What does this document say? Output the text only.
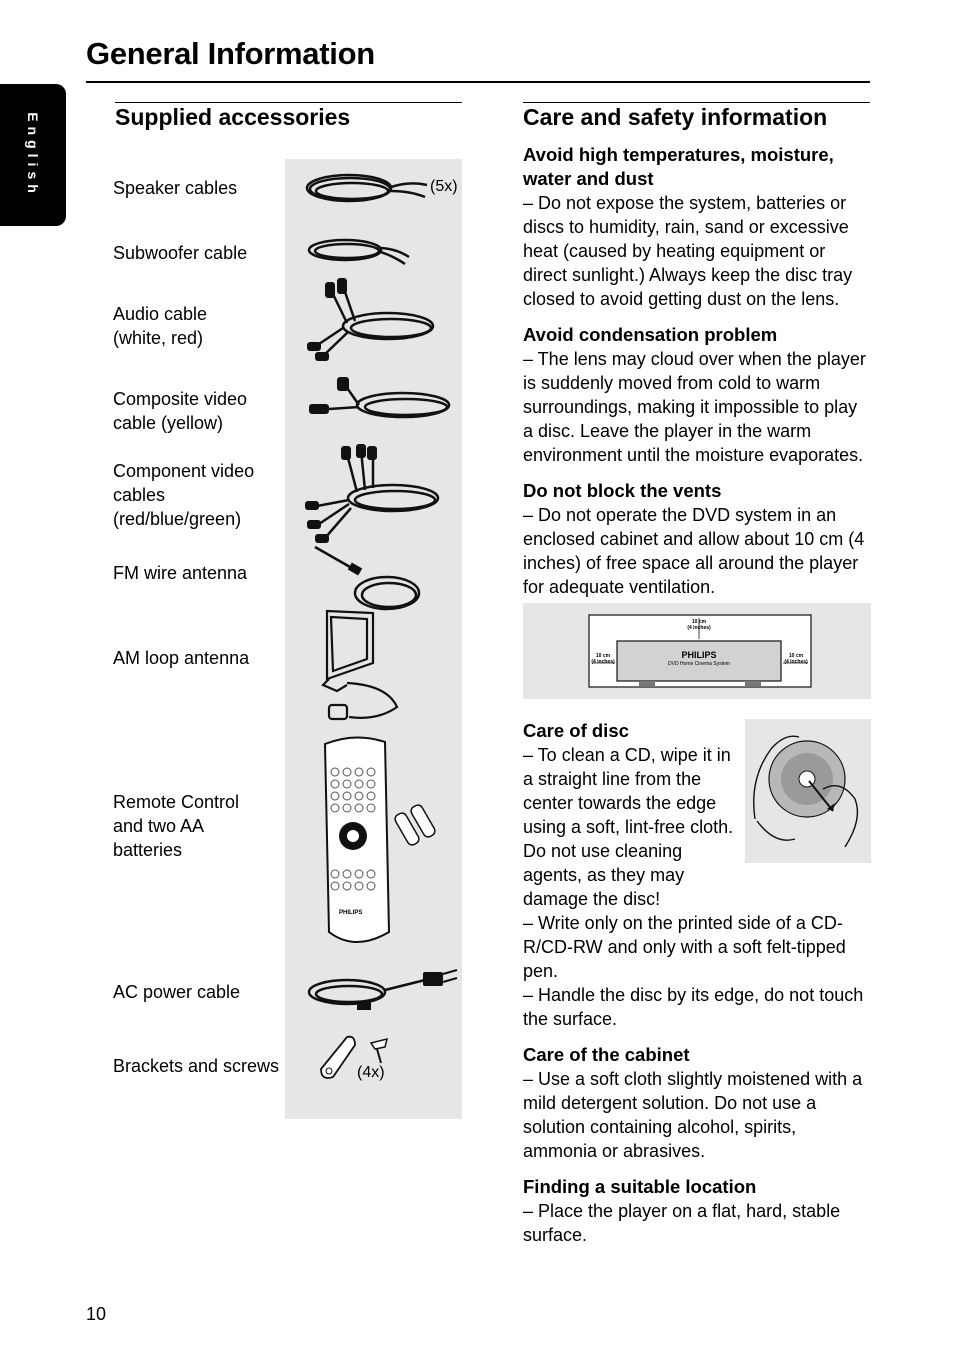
General Information
English	Supplied accessories
Speaker cables
Subwoofer cable
Audio cable (white, red)
Composite video cable (yellow)
Component video cables (red/blue/green)
FM wire antenna
AM loop antenna
Remote Control and two AA batteries
AC power cable
Brackets and screws
(5x)
PHILIPS
(4x)
Care and safety information
Avoid high temperatures, moisture, water and dust

– Do not expose the system, batteries or discs to humidity, rain, sand or excessive heat (caused by heating equipment or direct sunlight.) Always keep the disc tray closed to avoid getting dust on the lens.

Avoid condensation problem

– The lens may cloud over when the player is suddenly moved from cold to warm surroundings, making it impossible to play a disc. Leave the player in the warm environment until the moisture evaporates.

Do not block the vents

– Do not operate the DVD system in an enclosed cabinet and allow about 10 cm (4 inches) of free space all around the player for adequate ventilation.

10 cm
(4 inches)
10 cm
(4 inches)
10 cm
(4 inches)
PHILIPS
DVD Home Cinema System
Care of disc

– To clean a CD, wipe it in a straight line from the center towards the edge using a soft, lint-free cloth. Do not use cleaning agents, as they may damage the disc!

– Write only on the printed side of a CD-R/CD-RW and only with a soft felt-tipped pen.

– Handle the disc by its edge, do not touch the surface.

Care of the cabinet

– Use a soft cloth slightly moistened with a mild detergent solution. Do not use a solution containing alcohol, spirits, ammonia or abrasives.

Finding a suitable location

– Place the player on a flat, hard, stable surface.

10
